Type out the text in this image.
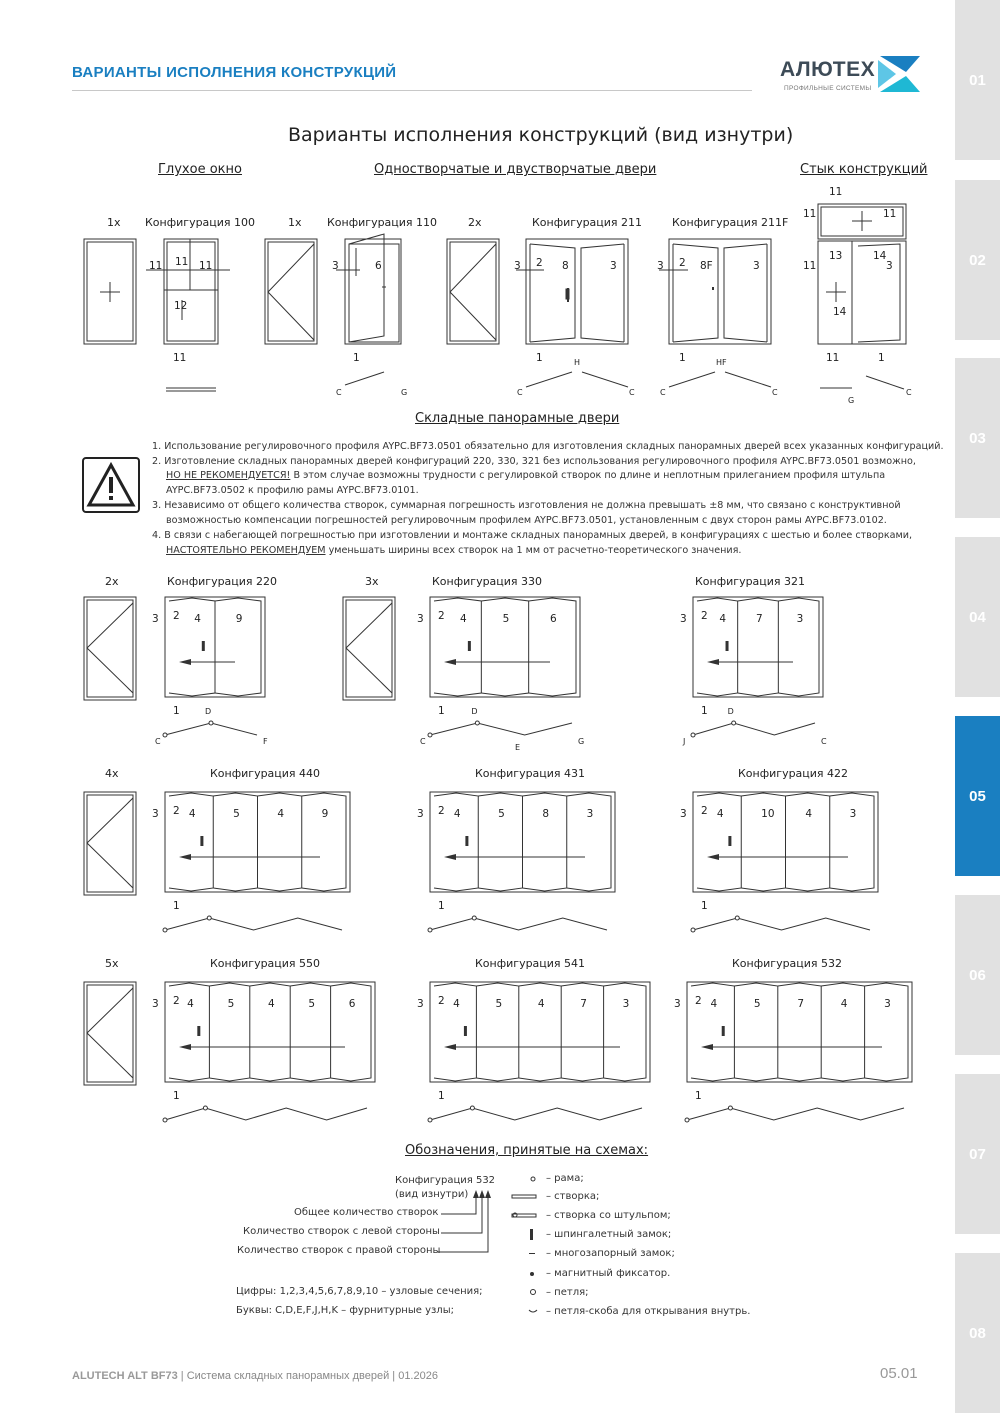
ВАРИАНТЫ ИСПОЛНЕНИЯ КОНСТРУКЦИЙ	АЛЮТЕХ
ПРОФИЛЬНЫЕ СИСТЕМЫ	01
02
03
04
05
06
07
08
Варианты исполнения конструкций (вид изнутри)
Глухое окно	Одностворчатые и двустворчатые двери	Стык конструкций
Складные панорамные двери
1x Конфигурация 100	1x Конфигурация 110	2x	Конфигурация 211	Конфигурация 211F
11 11 11
12
11
3	6
1
C	G
3 2 8	3
1	H
C	C
3 2 8F	3
1	HF
C	C
11
11	11
11
13	14
3
14
11	1
G
C
1. Использование регулировочного профиля AYPC.BF73.0501 обязательно для изготовления складных панорамных дверей всех указанных конфигураций.
2. Изготовление складных панорамных дверей конфигураций 220, 330, 321 без использования регулировочного профиля AYPC.BF73.0501 возможно,
НО НЕ РЕКОМЕНДУЕТСЯ! В этом случае возможны трудности с регулировкой створок по длине и неплотным прилеганием профиля штульпа
AYPC.BF73.0502 к профилю рамы AYPC.BF73.0101.
3. Независимо от общего количества створок, суммарная погрешность изготовления не должна превышать ±8 мм, что связано с конструктивной
возможностью компенсации погрешностей регулировочным профилем AYPC.BF73.0501, установленным с двух сторон рамы AYPC.BF73.0102.
4. В связи с набегающей погрешностью при изготовлении и монтаже складных панорамных дверей, в конфигурациях с шестью и более створками,
НАСТОЯТЕЛЬНО РЕКОМЕНДУЕМ уменьшать ширины всех створок на 1 мм от расчетно-теоретического значения.
2x	3x
Конфигурация 220
3 2 4	9
1	D
C	F
Конфигурация 330
3 2 4	5	6
1	D
C	G
E
Конфигурация 321
3 2 4	7	3
1 D
J	C
4x	Конфигурация 440
3 2 4	5	4	9
1
Конфигурация 431
3 2 4	5	8	3
1
Конфигурация 422
3 2 4	10	4	3
1
5x	Конфигурация 550
3 2 4	5	4	5	6
1
Конфигурация 541
3 2 4	5	4	7	3
1
Конфигурация 532
3 2 4	5	7	4	3
1
Обозначения, принятые на схемах:
Конфигурация 532
(вид изнутри)
Общее количество створок
Количество створок с левой стороны
Количество створок с правой стороны
Цифры: 1,2,3,4,5,6,7,8,9,10 – узловые сечения;
Буквы: C,D,E,F,J,H,K – фурнитурные узлы;
– рама;
– створка;
– створка со штульпом;
– шпингалетный замок;
– многозапорный замок;
– магнитный фиксатор.
– петля;
– петля-скоба для открывания внутрь.
ALUTECH ALT BF73 | Система складных панорамных дверей | 01.2026	05.01
